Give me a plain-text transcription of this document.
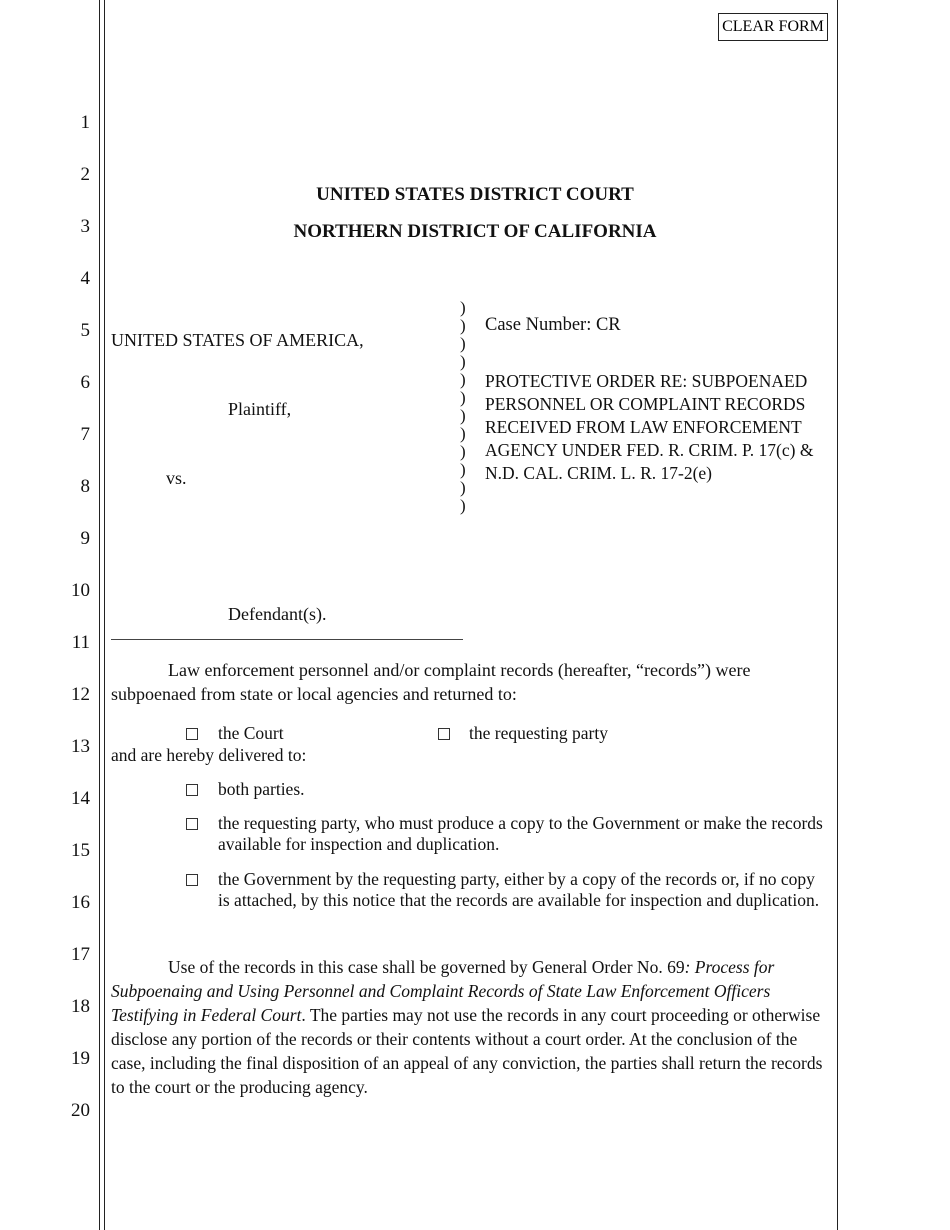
CLEAR FORM
1
2
3
4
5
6
7
8
9
10
11
12
13
14
15
16
17
18
19
20
UNITED STATES DISTRICT COURT
NORTHERN DISTRICT OF CALIFORNIA
UNITED STATES OF AMERICA,
Plaintiff,
vs.
Defendant(s).
)
)
)
)
)
)
)
)
)
)
)
)
Case Number: CR
PROTECTIVE ORDER RE: SUBPOENAED PERSONNEL OR COMPLAINT RECORDS RECEIVED FROM LAW ENFORCEMENT AGENCY UNDER FED. R. CRIM. P. 17(c) & N.D. CAL. CRIM. L. R. 17-2(e)
Law enforcement personnel and/or complaint records (hereafter, “records”) were subpoenaed from state or local agencies and returned to:
the Court	the requesting party
and are hereby delivered to:
both parties.
the requesting party, who must produce a copy to the Government or make the records available for inspection and duplication.
the Government by the requesting party, either by a copy of the records or, if no copy is attached, by this notice that the records are available for inspection and duplication.
Use of the records in this case shall be governed by General Order No. 69: Process for Subpoenaing and Using Personnel and Complaint Records of State Law Enforcement Officers Testifying in Federal Court. The parties may not use the records in any court proceeding or otherwise disclose any portion of the records or their contents without a court order. At the conclusion of the case, including the final disposition of an appeal of any conviction, the parties shall return the records to the court or the producing agency.
